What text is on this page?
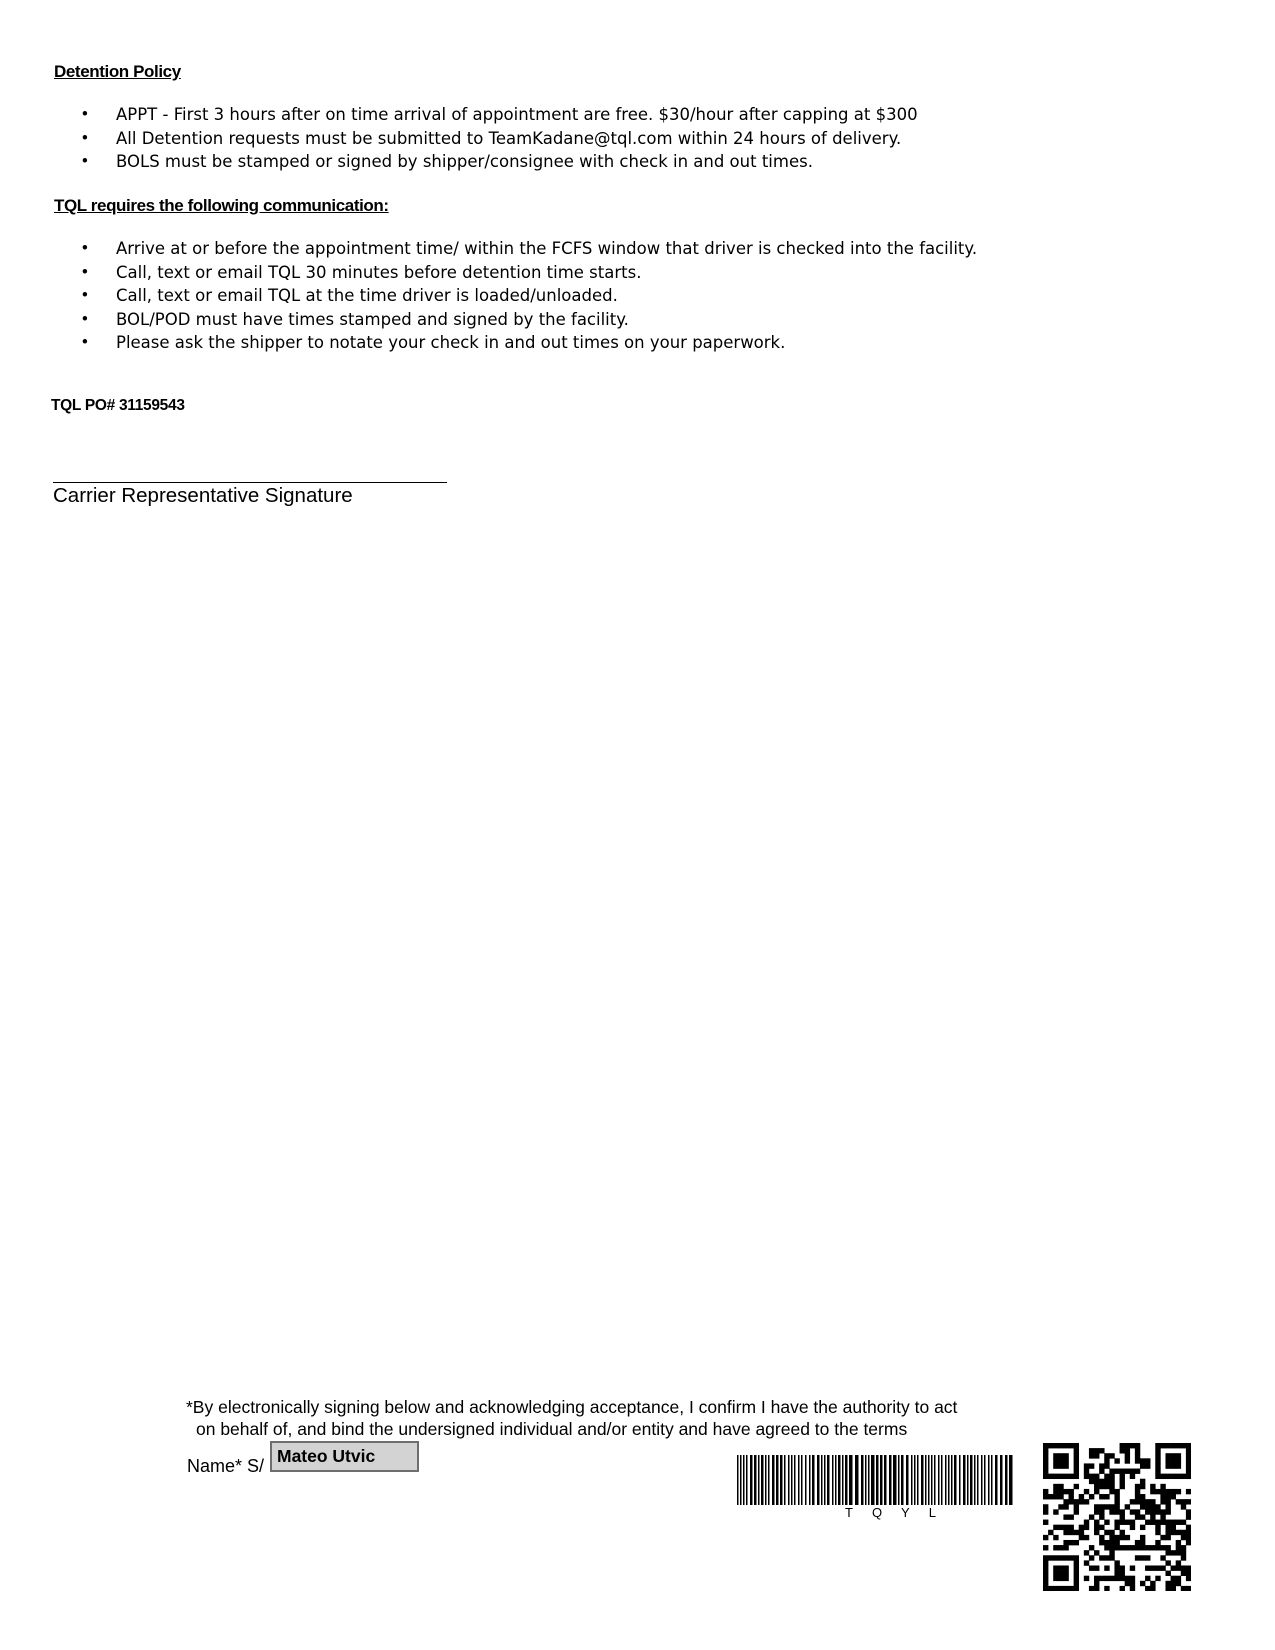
Detention Policy
• APPT - First 3 hours after on time arrival of appointment are free. $30/hour after capping at $300
• All Detention requests must be submitted to TeamKadane@tql.com within 24 hours of delivery.
• BOLS must be stamped or signed by shipper/consignee with check in and out times.
TQL requires the following communication:
• Arrive at or before the appointment time/ within the FCFS window that driver is checked into the facility.
• Call, text or email TQL 30 minutes before detention time starts.
• Call, text or email TQL at the time driver is loaded/unloaded.
• BOL/POD must have times stamped and signed by the facility.
• Please ask the shipper to notate your check in and out times on your paperwork.
TQL PO# 31159543
Carrier Representative Signature
*By electronically signing below and acknowledging acceptance, I confirm I have the authority to act
on behalf of, and bind the undersigned individual and/or entity and have agreed to the terms
Name* S/ Mateo Utvic
TQYL
